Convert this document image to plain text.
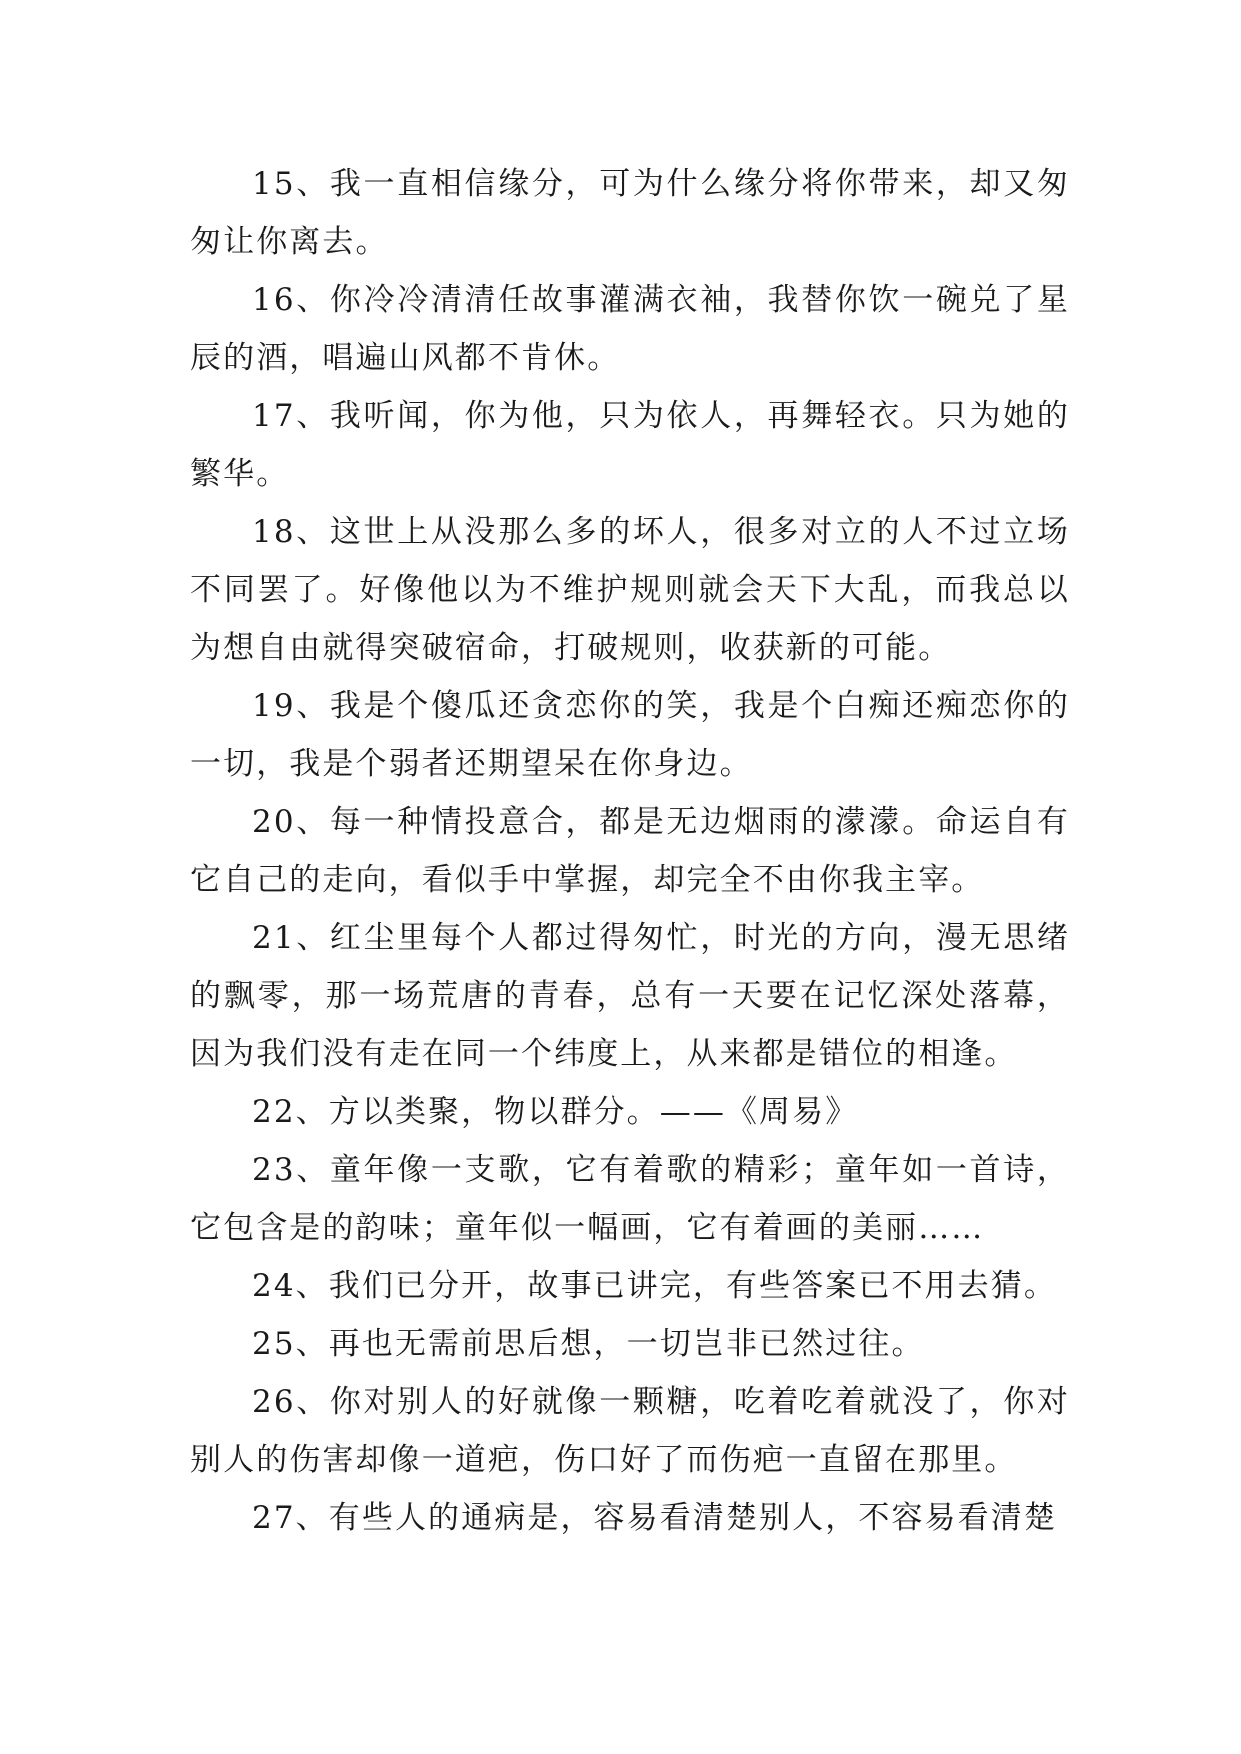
15、我一直相信缘分，可为什么缘分将你带来，却又匆匆让你离去。

16、你冷冷清清任故事灌满衣袖，我替你饮一碗兑了星辰的酒，唱遍山风都不肯休。

17、我听闻，你为他，只为依人，再舞轻衣。只为她的繁华。

18、这世上从没那么多的坏人，很多对立的人不过立场不同罢了。好像他以为不维护规则就会天下大乱，而我总以为想自由就得突破宿命，打破规则，收获新的可能。

19、我是个傻瓜还贪恋你的笑，我是个白痴还痴恋你的一切，我是个弱者还期望呆在你身边。

20、每一种情投意合，都是无边烟雨的濛濛。命运自有它自己的走向，看似手中掌握，却完全不由你我主宰。

21、红尘里每个人都过得匆忙，时光的方向，漫无思绪的飘零，那一场荒唐的青春，总有一天要在记忆深处落幕，因为我们没有走在同一个纬度上，从来都是错位的相逢。

22、方以类聚，物以群分。——《周易》

23、童年像一支歌，它有着歌的精彩；童年如一首诗，它包含是的韵味；童年似一幅画，它有着画的美丽……

24、我们已分开，故事已讲完，有些答案已不用去猜。

25、再也无需前思后想，一切岂非已然过往。

26、你对别人的好就像一颗糖，吃着吃着就没了，你对别人的伤害却像一道疤，伤口好了而伤疤一直留在那里。

27、有些人的通病是，容易看清楚别人，不容易看清楚
